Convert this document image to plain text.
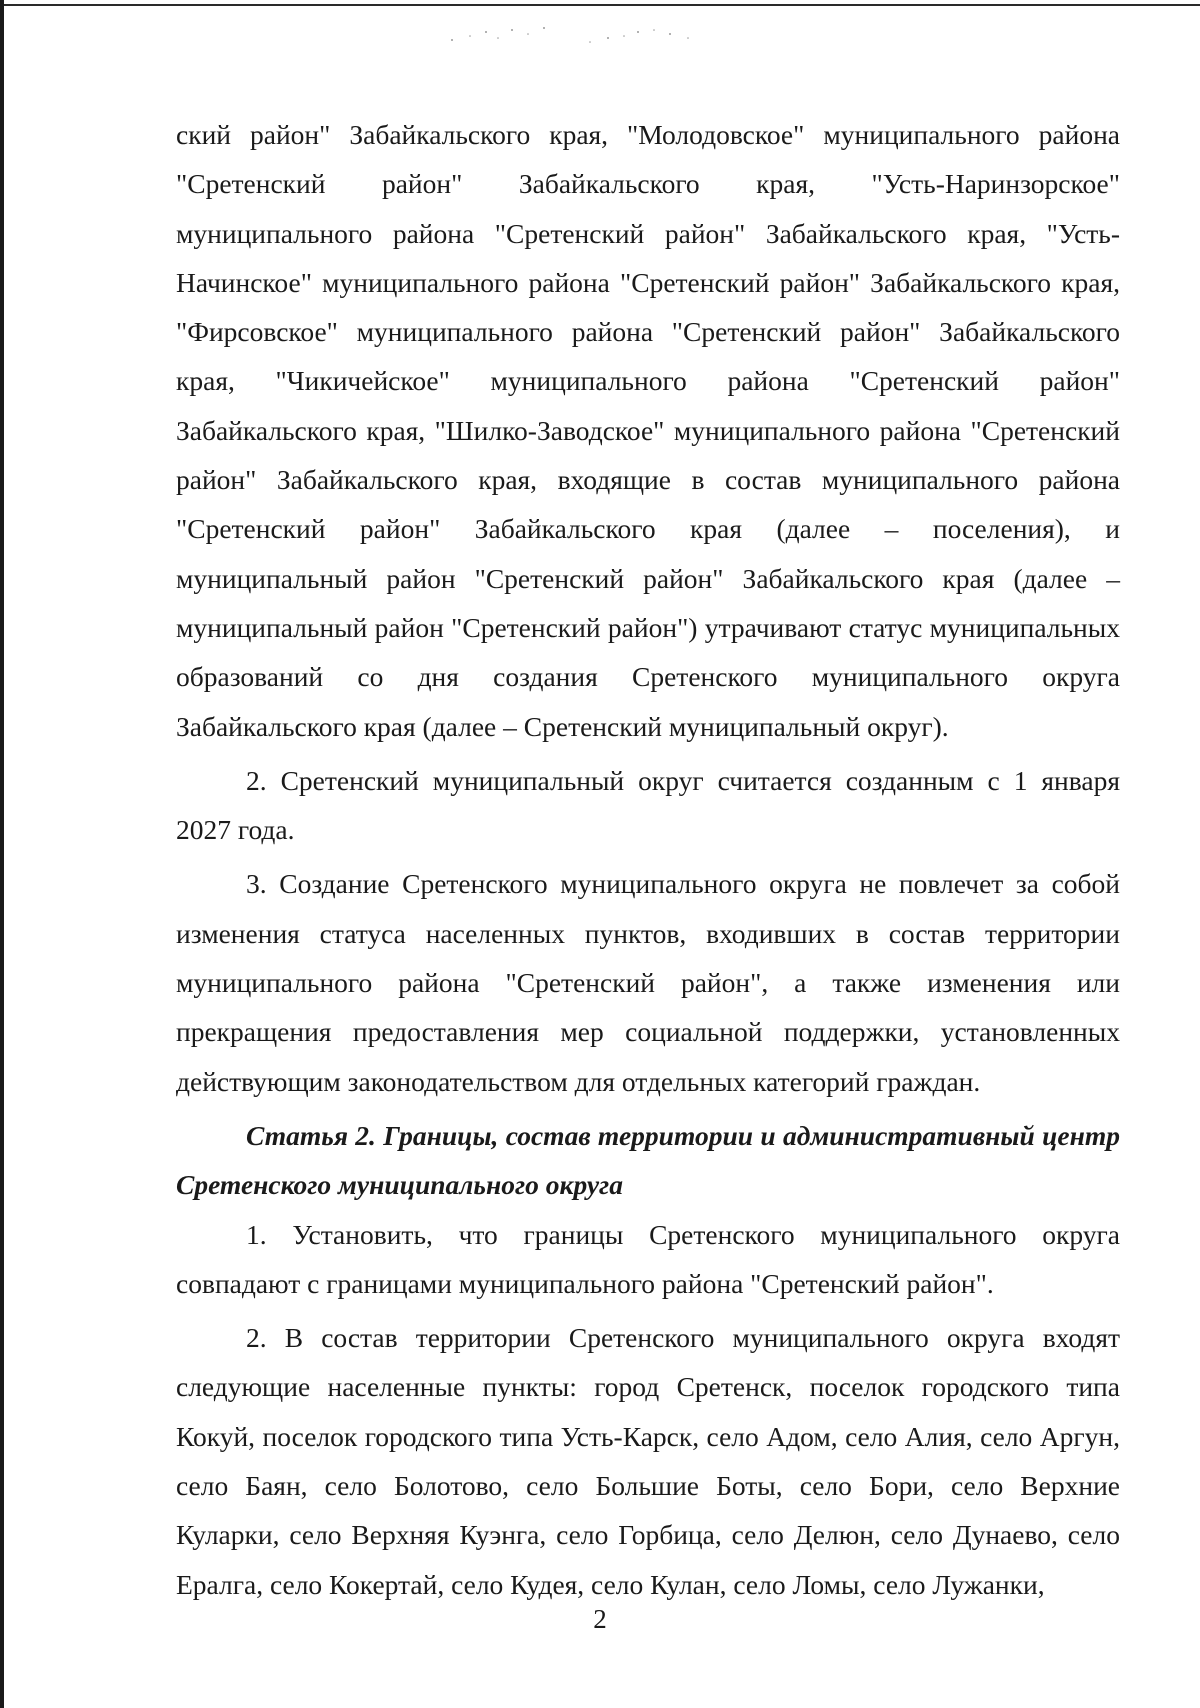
ский район" Забайкальского края, "Молодовское" муниципального района "Сретенский район" Забайкальского края, "Усть-Наринзорское" муниципального района "Сретенский район" Забайкальского края, "Усть-Начинское" муниципального района "Сретенский район" Забайкальского края, "Фирсовское" муниципального района "Сретенский район" Забайкальского края, "Чикичейское" муниципального района "Сретенский район" Забайкальского края, "Шилко-Заводское" муниципального района "Сретенский район" Забайкальского края, входящие в состав муниципального района "Сретенский район" Забайкальского края (далее – поселения), и муниципальный район "Сретенский район" Забайкальского края (далее – муниципальный район "Сретенский район") утрачивают статус муниципальных образований со дня создания Сретенского муниципального округа Забайкальского края (далее – Сретенский муниципальный округ).

2. Сретенский муниципальный округ считается созданным с 1 января 2027 года.

3. Создание Сретенского муниципального округа не повлечет за собой изменения статуса населенных пунктов, входивших в состав территории муниципального района "Сретенский район", а также изменения или прекращения предоставления мер социальной поддержки, установленных действующим законодательством для отдельных категорий граждан.

Статья 2. Границы, состав территории и административный центр Сретенского муниципального округа

1. Установить, что границы Сретенского муниципального округа совпадают с границами муниципального района "Сретенский район".

2. В состав территории Сретенского муниципального округа входят следующие населенные пункты: город Сретенск, поселок городского типа Кокуй, поселок городского типа Усть-Карск, село Адом, село Алия, село Аргун, село Баян, село Болотово, село Большие Боты, село Бори, село Верхние Куларки, село Верхняя Куэнга, село Горбица, село Делюн, село Дунаево, село Ералга, село Кокертай, село Кудея, село Кулан, село Ломы, село Лужанки,

2
